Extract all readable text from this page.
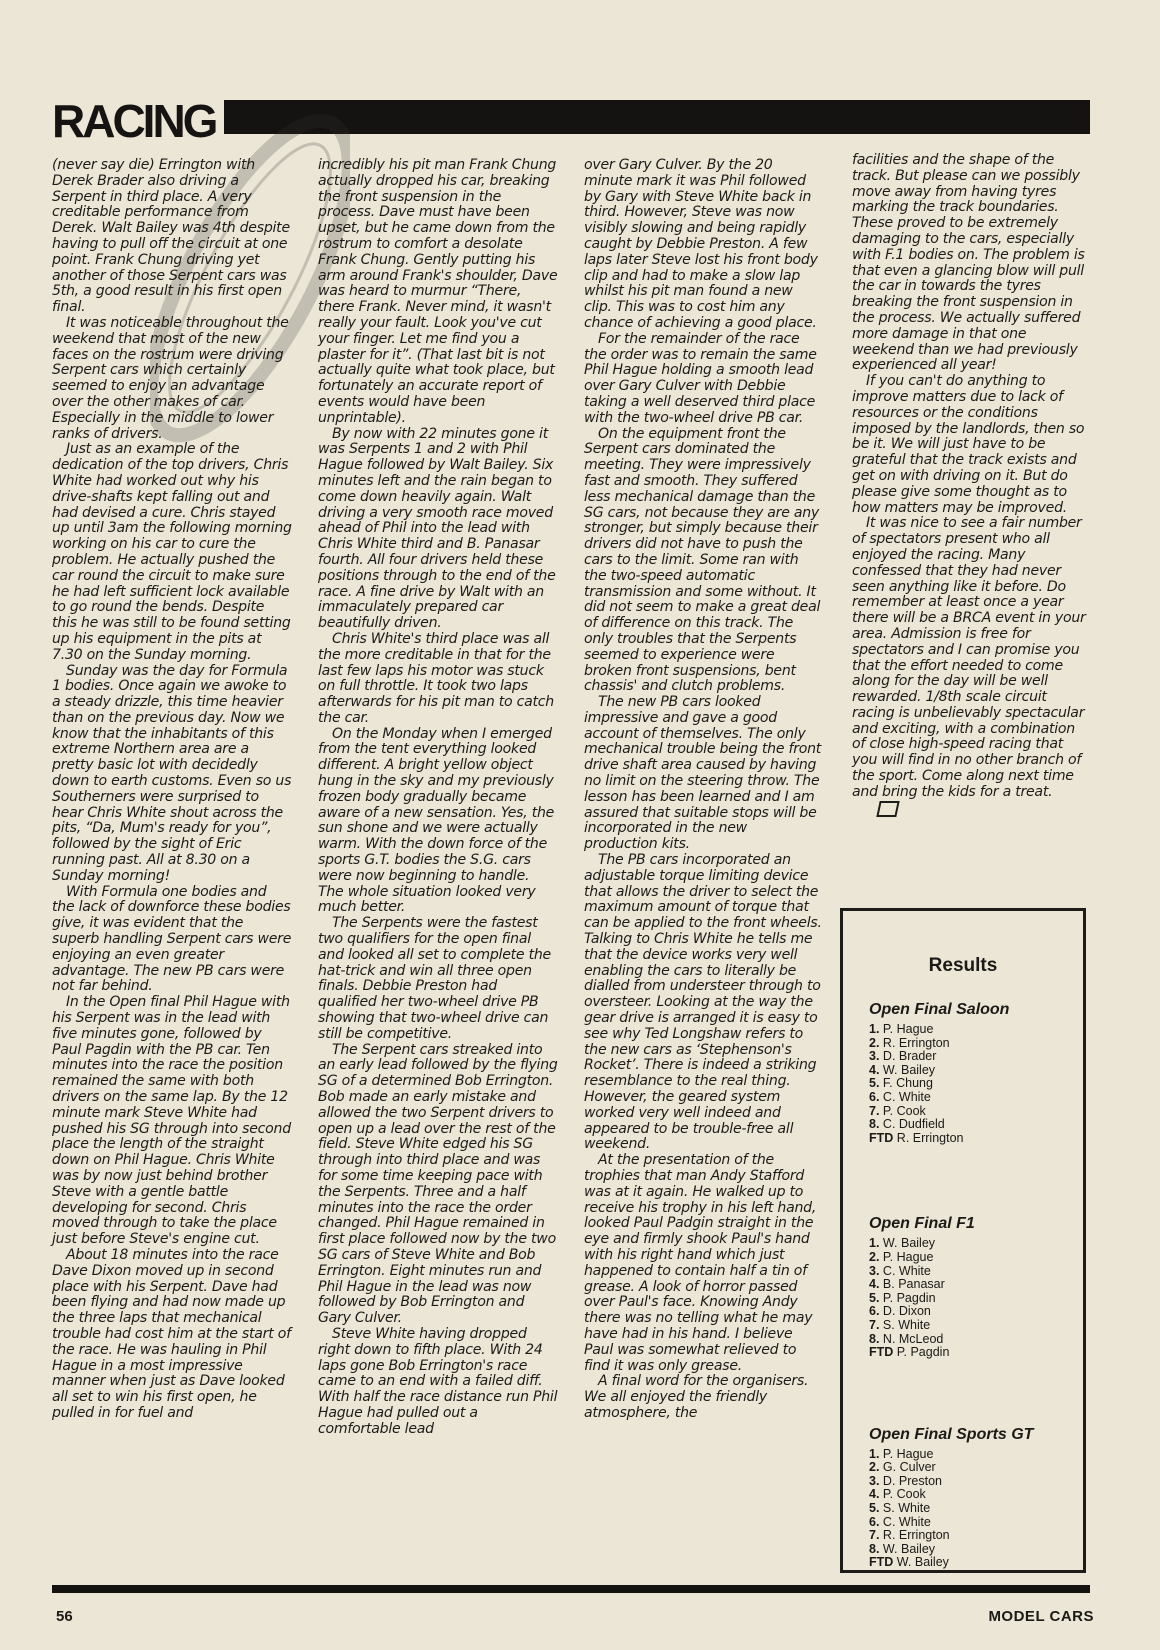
RACING

(never say die) Errington with Derek Brader also driving a Serpent in third place. A very creditable performance from Derek. Walt Bailey was 4th despite having to pull off the circuit at one point. Frank Chung driving yet another of those Serpent cars was 5th, a good result in his first open final.

It was noticeable throughout the weekend that most of the new faces on the rostrum were driving Serpent cars which certainly seemed to enjoy an advantage over the other makes of car. Especially in the middle to lower ranks of drivers.

Just as an example of the dedication of the top drivers, Chris White had worked out why his drive-shafts kept falling out and had devised a cure. Chris stayed up until 3am the following morning working on his car to cure the problem. He actually pushed the car round the circuit to make sure he had left sufficient lock available to go round the bends. Despite this he was still to be found setting up his equipment in the pits at 7.30 on the Sunday morning.

Sunday was the day for Formula 1 bodies. Once again we awoke to a steady drizzle, this time heavier than on the previous day. Now we know that the inhabitants of this extreme Northern area are a pretty basic lot with decidedly down to earth customs. Even so us Southerners were surprised to hear Chris White shout across the pits, “Da, Mum's ready for you”, followed by the sight of Eric running past. All at 8.30 on a Sunday morning!

With Formula one bodies and the lack of downforce these bodies give, it was evident that the superb handling Serpent cars were enjoying an even greater advantage. The new PB cars were not far behind.

In the Open final Phil Hague with his Serpent was in the lead with five minutes gone, followed by Paul Pagdin with the PB car. Ten minutes into the race the position remained the same with both drivers on the same lap. By the 12 minute mark Steve White had pushed his SG through into second place the length of the straight down on Phil Hague. Chris White was by now just behind brother Steve with a gentle battle developing for second. Chris moved through to take the place just before Steve's engine cut.

About 18 minutes into the race Dave Dixon moved up in second place with his Serpent. Dave had been flying and had now made up the three laps that mechanical trouble had cost him at the start of the race. He was hauling in Phil Hague in a most impressive manner when just as Dave looked all set to win his first open, he pulled in for fuel and

incredibly his pit man Frank Chung actually dropped his car, breaking the front suspension in the process. Dave must have been upset, but he came down from the rostrum to comfort a desolate Frank Chung. Gently putting his arm around Frank's shoulder, Dave was heard to murmur “There, there Frank. Never mind, it wasn't really your fault. Look you've cut your finger. Let me find you a plaster for it”. (That last bit is not actually quite what took place, but fortunately an accurate report of events would have been unprintable).

By now with 22 minutes gone it was Serpents 1 and 2 with Phil Hague followed by Walt Bailey. Six minutes left and the rain began to come down heavily again. Walt driving a very smooth race moved ahead of Phil into the lead with Chris White third and B. Panasar fourth. All four drivers held these positions through to the end of the race. A fine drive by Walt with an immaculately prepared car beautifully driven.

Chris White's third place was all the more creditable in that for the last few laps his motor was stuck on full throttle. It took two laps afterwards for his pit man to catch the car.

On the Monday when I emerged from the tent everything looked different. A bright yellow object hung in the sky and my previously frozen body gradually became aware of a new sensation. Yes, the sun shone and we were actually warm. With the down force of the sports G.T. bodies the S.G. cars were now beginning to handle. The whole situation looked very much better.

The Serpents were the fastest two qualifiers for the open final and looked all set to complete the hat-trick and win all three open finals. Debbie Preston had qualified her two-wheel drive PB showing that two-wheel drive can still be competitive.

The Serpent cars streaked into an early lead followed by the flying SG of a determined Bob Errington. Bob made an early mistake and allowed the two Serpent drivers to open up a lead over the rest of the field. Steve White edged his SG through into third place and was for some time keeping pace with the Serpents. Three and a half minutes into the race the order changed. Phil Hague remained in first place followed now by the two SG cars of Steve White and Bob Errington. Eight minutes run and Phil Hague in the lead was now followed by Bob Errington and Gary Culver.

Steve White having dropped right down to fifth place. With 24 laps gone Bob Errington's race came to an end with a failed diff. With half the race distance run Phil Hague had pulled out a comfortable lead

over Gary Culver. By the 20 minute mark it was Phil followed by Gary with Steve White back in third. However, Steve was now visibly slowing and being rapidly caught by Debbie Preston. A few laps later Steve lost his front body clip and had to make a slow lap whilst his pit man found a new clip. This was to cost him any chance of achieving a good place.

For the remainder of the race the order was to remain the same Phil Hague holding a smooth lead over Gary Culver with Debbie taking a well deserved third place with the two-wheel drive PB car.

On the equipment front the Serpent cars dominated the meeting. They were impressively fast and smooth. They suffered less mechanical damage than the SG cars, not because they are any stronger, but simply because their drivers did not have to push the cars to the limit. Some ran with the two-speed automatic transmission and some without. It did not seem to make a great deal of difference on this track. The only troubles that the Serpents seemed to experience were broken front suspensions, bent chassis' and clutch problems.

The new PB cars looked impressive and gave a good account of themselves. The only mechanical trouble being the front drive shaft area caused by having no limit on the steering throw. The lesson has been learned and I am assured that suitable stops will be incorporated in the new production kits.

The PB cars incorporated an adjustable torque limiting device that allows the driver to select the maximum amount of torque that can be applied to the front wheels. Talking to Chris White he tells me that the device works very well enabling the cars to literally be dialled from understeer through to oversteer. Looking at the way the gear drive is arranged it is easy to see why Ted Longshaw refers to the new cars as ‘Stephenson's Rocket’. There is indeed a striking resemblance to the real thing. However, the geared system worked very well indeed and appeared to be trouble-free all weekend.

At the presentation of the trophies that man Andy Stafford was at it again. He walked up to receive his trophy in his left hand, looked Paul Padgin straight in the eye and firmly shook Paul's hand with his right hand which just happened to contain half a tin of grease. A look of horror passed over Paul's face. Knowing Andy there was no telling what he may have had in his hand. I believe Paul was somewhat relieved to find it was only grease.

A final word for the organisers. We all enjoyed the friendly atmosphere, the

facilities and the shape of the track. But please can we possibly move away from having tyres marking the track boundaries. These proved to be extremely damaging to the cars, especially with F.1 bodies on. The problem is that even a glancing blow will pull the car in towards the tyres breaking the front suspension in the process. We actually suffered more damage in that one weekend than we had previously experienced all year!

If you can't do anything to improve matters due to lack of resources or the conditions imposed by the landlords, then so be it. We will just have to be grateful that the track exists and get on with driving on it. But do please give some thought as to how matters may be improved.

It was nice to see a fair number of spectators present who all enjoyed the racing. Many confessed that they had never seen anything like it before. Do remember at least once a year there will be a BRCA event in your area. Admission is free for spectators and I can promise you that the effort needed to come along for the day will be well rewarded. 1/8th scale circuit racing is unbelievably spectacular and exciting, with a combination of close high-speed racing that you will find in no other branch of the sport. Come along next time and bring the kids for a treat.

Results
Open Final Saloon
1. P. Hague
2. R. Errington
3. D. Brader
4. W. Bailey
5. F. Chung
6. C. White
7. P. Cook
8. C. Dudfield
FTD R. Errington
Open Final F1
1. W. Bailey
2. P. Hague
3. C. White
4. B. Panasar
5. P. Pagdin
6. D. Dixon
7. S. White
8. N. McLeod
FTD P. Pagdin
Open Final Sports GT
1. P. Hague
2. G. Culver
3. D. Preston
4. P. Cook
5. S. White
6. C. White
7. R. Errington
8. W. Bailey
FTD W. Bailey
56	MODEL CARS
